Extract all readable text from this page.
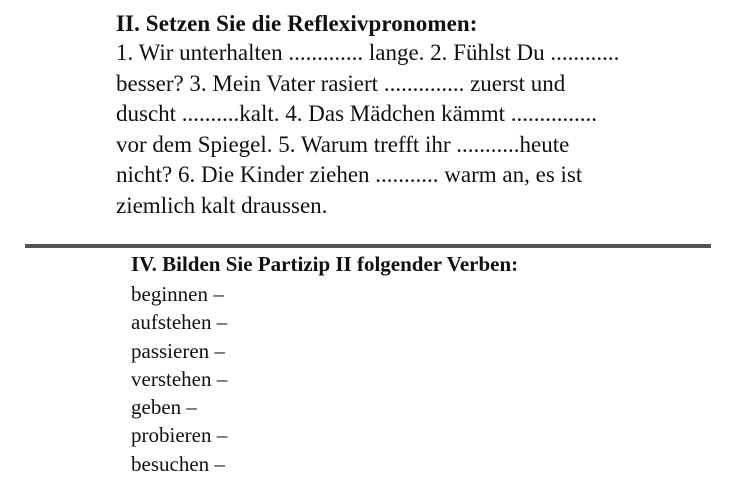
II. Setzen Sie die Reflexivpronomen:

1. Wir unterhalten ............. lange. 2. Fühlst Du ............
besser? 3. Mein Vater rasiert .............. zuerst und
duscht ..........kalt. 4. Das Mädchen kämmt ...............
vor dem Spiegel. 5. Warum trefft ihr ...........heute
nicht? 6. Die Kinder ziehen ........... warm an, es ist
ziemlich kalt draussen.

IV. Bilden Sie Partizip II folgender Verben:

beginnen –
aufstehen –
passieren –
verstehen –
geben –
probieren –
besuchen –
